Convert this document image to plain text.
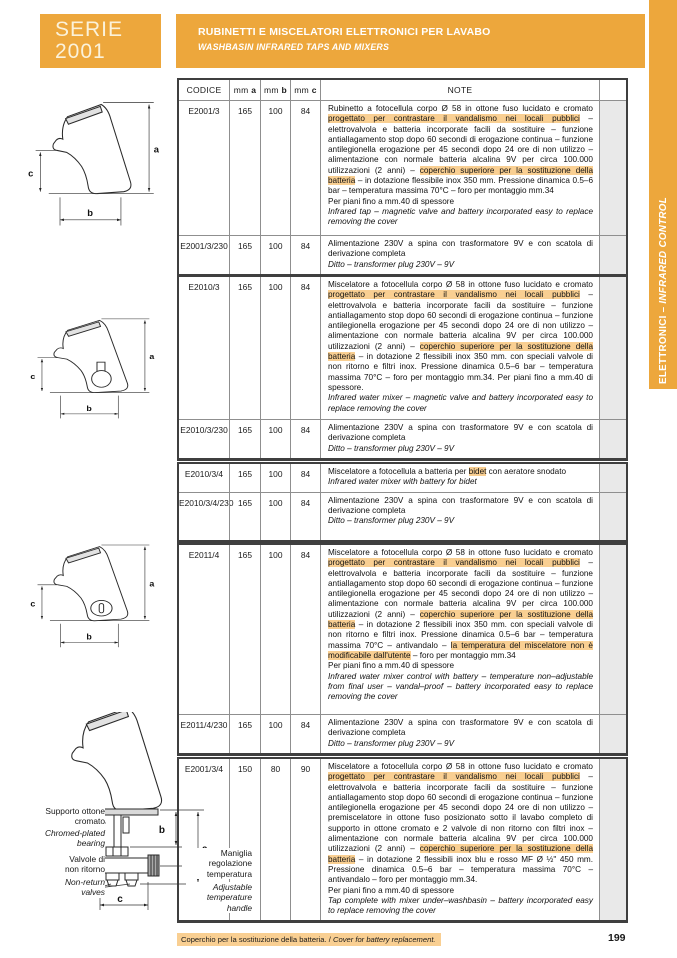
SERIE
2001
RUBINETTI E MISCELATORI ELETTRONICI PER LAVABO
WASHBASIN INFRARED TAPS AND MIXERS
ELETTRONICI – INFRARED CONTROL
CODICE	mm a mm b mm c	NOTE
E2001/3	165	100	84	Rubinetto a fotocellula corpo Ø 58 in ottone fuso lucidato e cromato progettato per contrastare il vandalismo nei locali pubblici – elettrovalvola e batteria incorporate facili da sostituire – funzione antiallagamento stop dopo 60 secondi di erogazione continua – funzione antilegionella erogazione per 45 secondi dopo 24 ore di non utilizzo – alimentazione con normale batteria alcalina 9V per circa 100.000 utilizzazioni (2 anni) – coperchio superiore per la sostituzione della batteria – in dotazione flessibile inox 350 mm. Pressione dinamica 0.5–6 bar – temperatura massima 70°C – foro per montaggio mm.34
Per piani fino a mm.40 di spessore
Infrared tap – magnetic valve and battery incorporated easy to replace removing the cover
E2001/3/230	165	100	84	Alimentazione 230V a spina con trasformatore 9V e con scatola di derivazione completa
Ditto – transformer plug 230V – 9V
E2010/3	165	100	84	Miscelatore a fotocellula corpo Ø 58 in ottone fuso lucidato e cromato progettato per contrastare il vandalismo nei locali pubblici – elettrovalvola e batteria incorporate facili da sostituire – funzione antiallagamento stop dopo 60 secondi di erogazione continua – funzione antilegionella erogazione per 45 secondi dopo 24 ore di non utilizzo – alimentazione con normale batteria alcalina 9V per circa 100.000 utilizzazioni (2 anni) – coperchio superiore per la sostituzione della batteria – in dotazione 2 flessibili inox 350 mm. con speciali valvole di non ritorno e filtri inox. Pressione dinamica 0.5–6 bar – temperatura massima 70°C – foro per montaggio mm.34. Per piani fino a mm.40 di spessore.
Infrared water mixer – magnetic valve and battery incorporated easy to replace removing the cover
E2010/3/230	165	100	84	Alimentazione 230V a spina con trasformatore 9V e con scatola di derivazione completa
Ditto – transformer plug 230V – 9V
E2010/3/4	165	100	84	Miscelatore a fotocellula a batteria per bidet con aeratore snodato
Infrared water mixer with battery for bidet
E2010/3/4/230 165	100	84	Alimentazione 230V a spina con trasformatore 9V e con scatola di derivazione completa
Ditto – transformer plug 230V – 9V
E2011/4	165	100	84	Miscelatore a fotocellula corpo Ø 58 in ottone fuso lucidato e cromato progettato per contrastare il vandalismo nei locali pubblici – elettrovalvola e batteria incorporate facili da sostituire – funzione antiallagamento stop dopo 60 secondi di erogazione continua – funzione antilegionella erogazione per 45 secondi dopo 24 ore di non utilizzo – alimentazione con normale batteria alcalina 9V per circa 100.000 utilizzazioni (2 anni) – coperchio superiore per la sostituzione della batteria – in dotazione 2 flessibili inox 350 mm. con speciali valvole di non ritorno e filtri inox. Pressione dinamica 0.5–6 bar – temperatura massima 70°C – antivandalo – la temperatura del miscelatore non è modificabile dall'utente – foro per montaggio mm.34
Per piani fino a mm.40 di spessore
Infrared water mixer control with battery – temperature non–adjustable from final user – vandal–proof – battery incorporated easy to replace removing the cover
E2011/4/230	165	100	84	Alimentazione 230V a spina con trasformatore 9V e con scatola di derivazione completa
Ditto – transformer plug 230V – 9V
E2001/3/4	150	80	90	Miscelatore a fotocellula corpo Ø 58 in ottone fuso lucidato e cromato progettato per contrastare il vandalismo nei locali pubblici – elettrovalvola e batteria incorporate facili da sostituire – funzione antiallagamento stop dopo 60 secondi di erogazione continua – funzione antilegionella erogazione per 45 secondi dopo 24 ore di non utilizzo – premiscelatore in ottone fuso posizionato sotto il lavabo completo di supporto in ottone cromato e 2 valvole di non ritorno con filtri inox – alimentazione con normale batteria alcalina 9V per circa 100.000 utilizzazioni (2 anni) – coperchio superiore per la sostituzione della batteria – in dotazione 2 flessibili inox blu e rosso MF Ø ½" 450 mm. Pressione dinamica 0.5–6 bar – temperatura massima 70°C – antivandalo – foro per montaggio mm.34.
Per piani fino a mm.40 di spessore
Tap complete with mixer under–washbasin – battery incorporated easy to replace removing the cover
a
c
b
a
c
b
a
c
b
b
c
Supporto ottone
cromato
Chromed-plated
bearing
Valvole di
non ritorno
Non-return
valves
Maniglia
regolazione
temperatura
Adjustable
temperature
handle
Coperchio per la sostituzione della batteria. / Cover for battery replacement.	199
